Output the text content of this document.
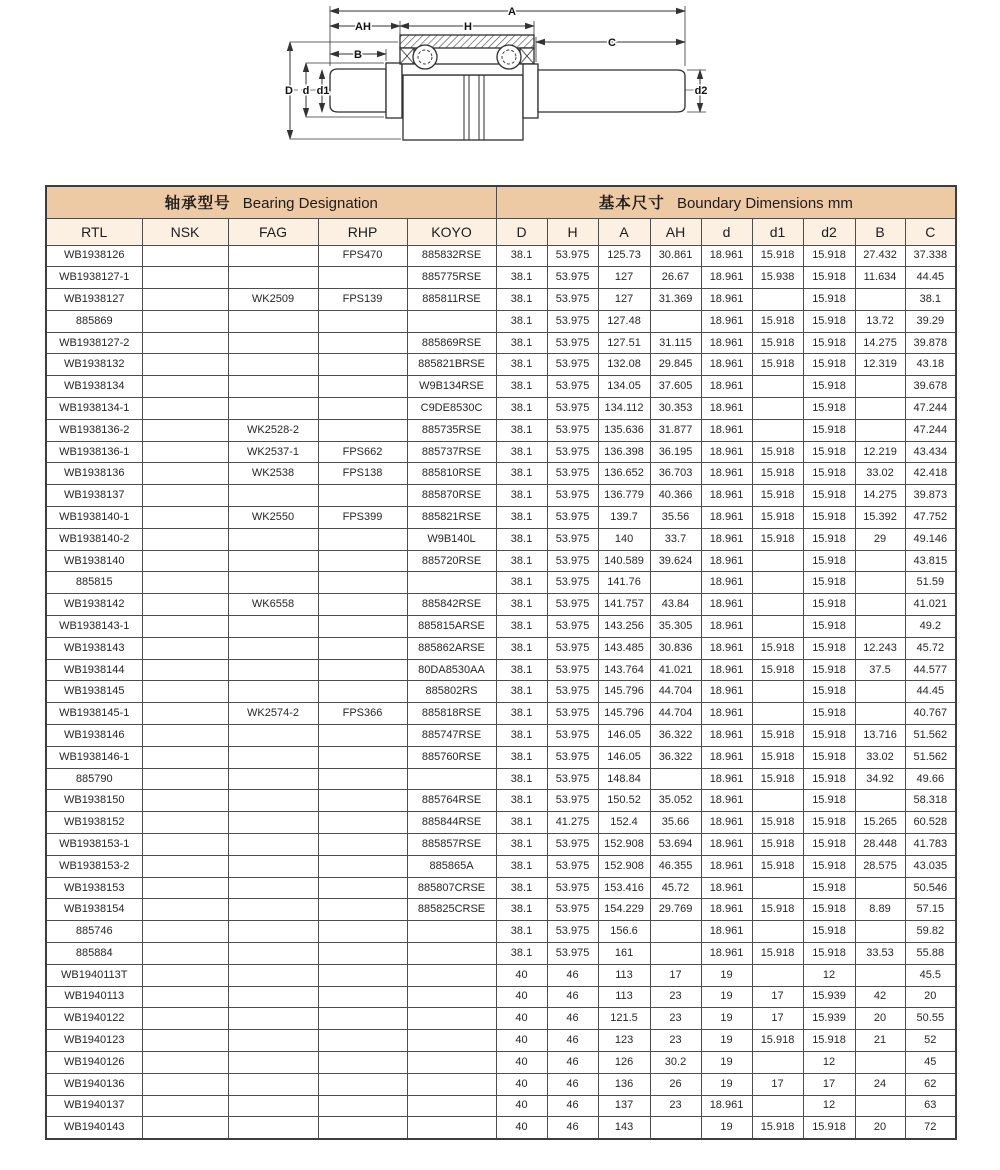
A
AH	H
C
B
D d d1	d2
轴承型号 Bearing Designation					基本尺寸 Boundary Dimensions mm								
RTL	NSK	FAG	RHP	KOYO	D	H	A	AH	d	d1	d2	B	C
WB1938126			FPS470	885832RSE	38.1	53.975	125.73	30.861	18.961	15.918	15.918	27.432	37.338
WB1938127-1				885775RSE	38.1	53.975	127	26.67	18.961	15.938	15.918	11.634	44.45
WB1938127		WK2509	FPS139	885811RSE	38.1	53.975	127	31.369	18.961		15.918		38.1
885869					38.1	53.975	127.48		18.961	15.918	15.918	13.72	39.29
WB1938127-2				885869RSE	38.1	53.975	127.51	31.115	18.961	15.918	15.918	14.275	39.878
WB1938132				885821BRSE	38.1	53.975	132.08	29.845	18.961	15.918	15.918	12.319	43.18
WB1938134				W9B134RSE	38.1	53.975	134.05	37.605	18.961		15.918		39.678
WB1938134-1				C9DE8530C	38.1	53.975	134.112	30.353	18.961		15.918		47.244
WB1938136-2		WK2528-2		885735RSE	38.1	53.975	135.636	31.877	18.961		15.918		47.244
WB1938136-1		WK2537-1	FPS662	885737RSE	38.1	53.975	136.398	36.195	18.961	15.918	15.918	12.219	43.434
WB1938136		WK2538	FPS138	885810RSE	38.1	53.975	136.652	36.703	18.961	15.918	15.918	33.02	42.418
WB1938137				885870RSE	38.1	53.975	136.779	40.366	18.961	15.918	15.918	14.275	39.873
WB1938140-1		WK2550	FPS399	885821RSE	38.1	53.975	139.7	35.56	18.961	15.918	15.918	15.392	47.752
WB1938140-2				W9B140L	38.1	53.975	140	33.7	18.961	15.918	15.918	29	49.146
WB1938140				885720RSE	38.1	53.975	140.589	39.624	18.961		15.918		43.815
885815					38.1	53.975	141.76		18.961		15.918		51.59
WB1938142		WK6558		885842RSE	38.1	53.975	141.757	43.84	18.961		15.918		41.021
WB1938143-1				885815ARSE	38.1	53.975	143.256	35.305	18.961		15.918		49.2
WB1938143				885862ARSE	38.1	53.975	143.485	30.836	18.961	15.918	15.918	12.243	45.72
WB1938144				80DA8530AA	38.1	53.975	143.764	41.021	18.961	15.918	15.918	37.5	44.577
WB1938145				885802RS	38.1	53.975	145.796	44.704	18.961		15.918		44.45
WB1938145-1		WK2574-2	FPS366	885818RSE	38.1	53.975	145.796	44.704	18.961		15.918		40.767
WB1938146				885747RSE	38.1	53.975	146.05	36.322	18.961	15.918	15.918	13.716	51.562
WB1938146-1				885760RSE	38.1	53.975	146.05	36.322	18.961	15.918	15.918	33.02	51.562
885790					38.1	53.975	148.84		18.961	15.918	15.918	34.92	49.66
WB1938150				885764RSE	38.1	53.975	150.52	35.052	18.961		15.918		58.318
WB1938152				885844RSE	38.1	41.275	152.4	35.66	18.961	15.918	15.918	15.265	60.528
WB1938153-1				885857RSE	38.1	53.975	152.908	53.694	18.961	15.918	15.918	28.448	41.783
WB1938153-2				885865A	38.1	53.975	152.908	46.355	18.961	15.918	15.918	28.575	43.035
WB1938153				885807CRSE	38.1	53.975	153.416	45.72	18.961		15.918		50.546
WB1938154				885825CRSE	38.1	53.975	154.229	29.769	18.961	15.918	15.918	8.89	57.15
885746					38.1	53.975	156.6		18.961		15.918		59.82
885884					38.1	53.975	161		18.961	15.918	15.918	33.53	55.88
WB1940113T					40	46	113	17	19		12		45.5
WB1940113					40	46	113	23	19	17	15.939	42	20
WB1940122					40	46	121.5	23	19	17	15.939	20	50.55
WB1940123					40	46	123	23	19	15.918	15.918	21	52
WB1940126					40	46	126	30.2	19		12		45
WB1940136					40	46	136	26	19	17	17	24	62
WB1940137					40	46	137	23	18.961		12		63
WB1940143					40	46	143		19	15.918	15.918	20	72
